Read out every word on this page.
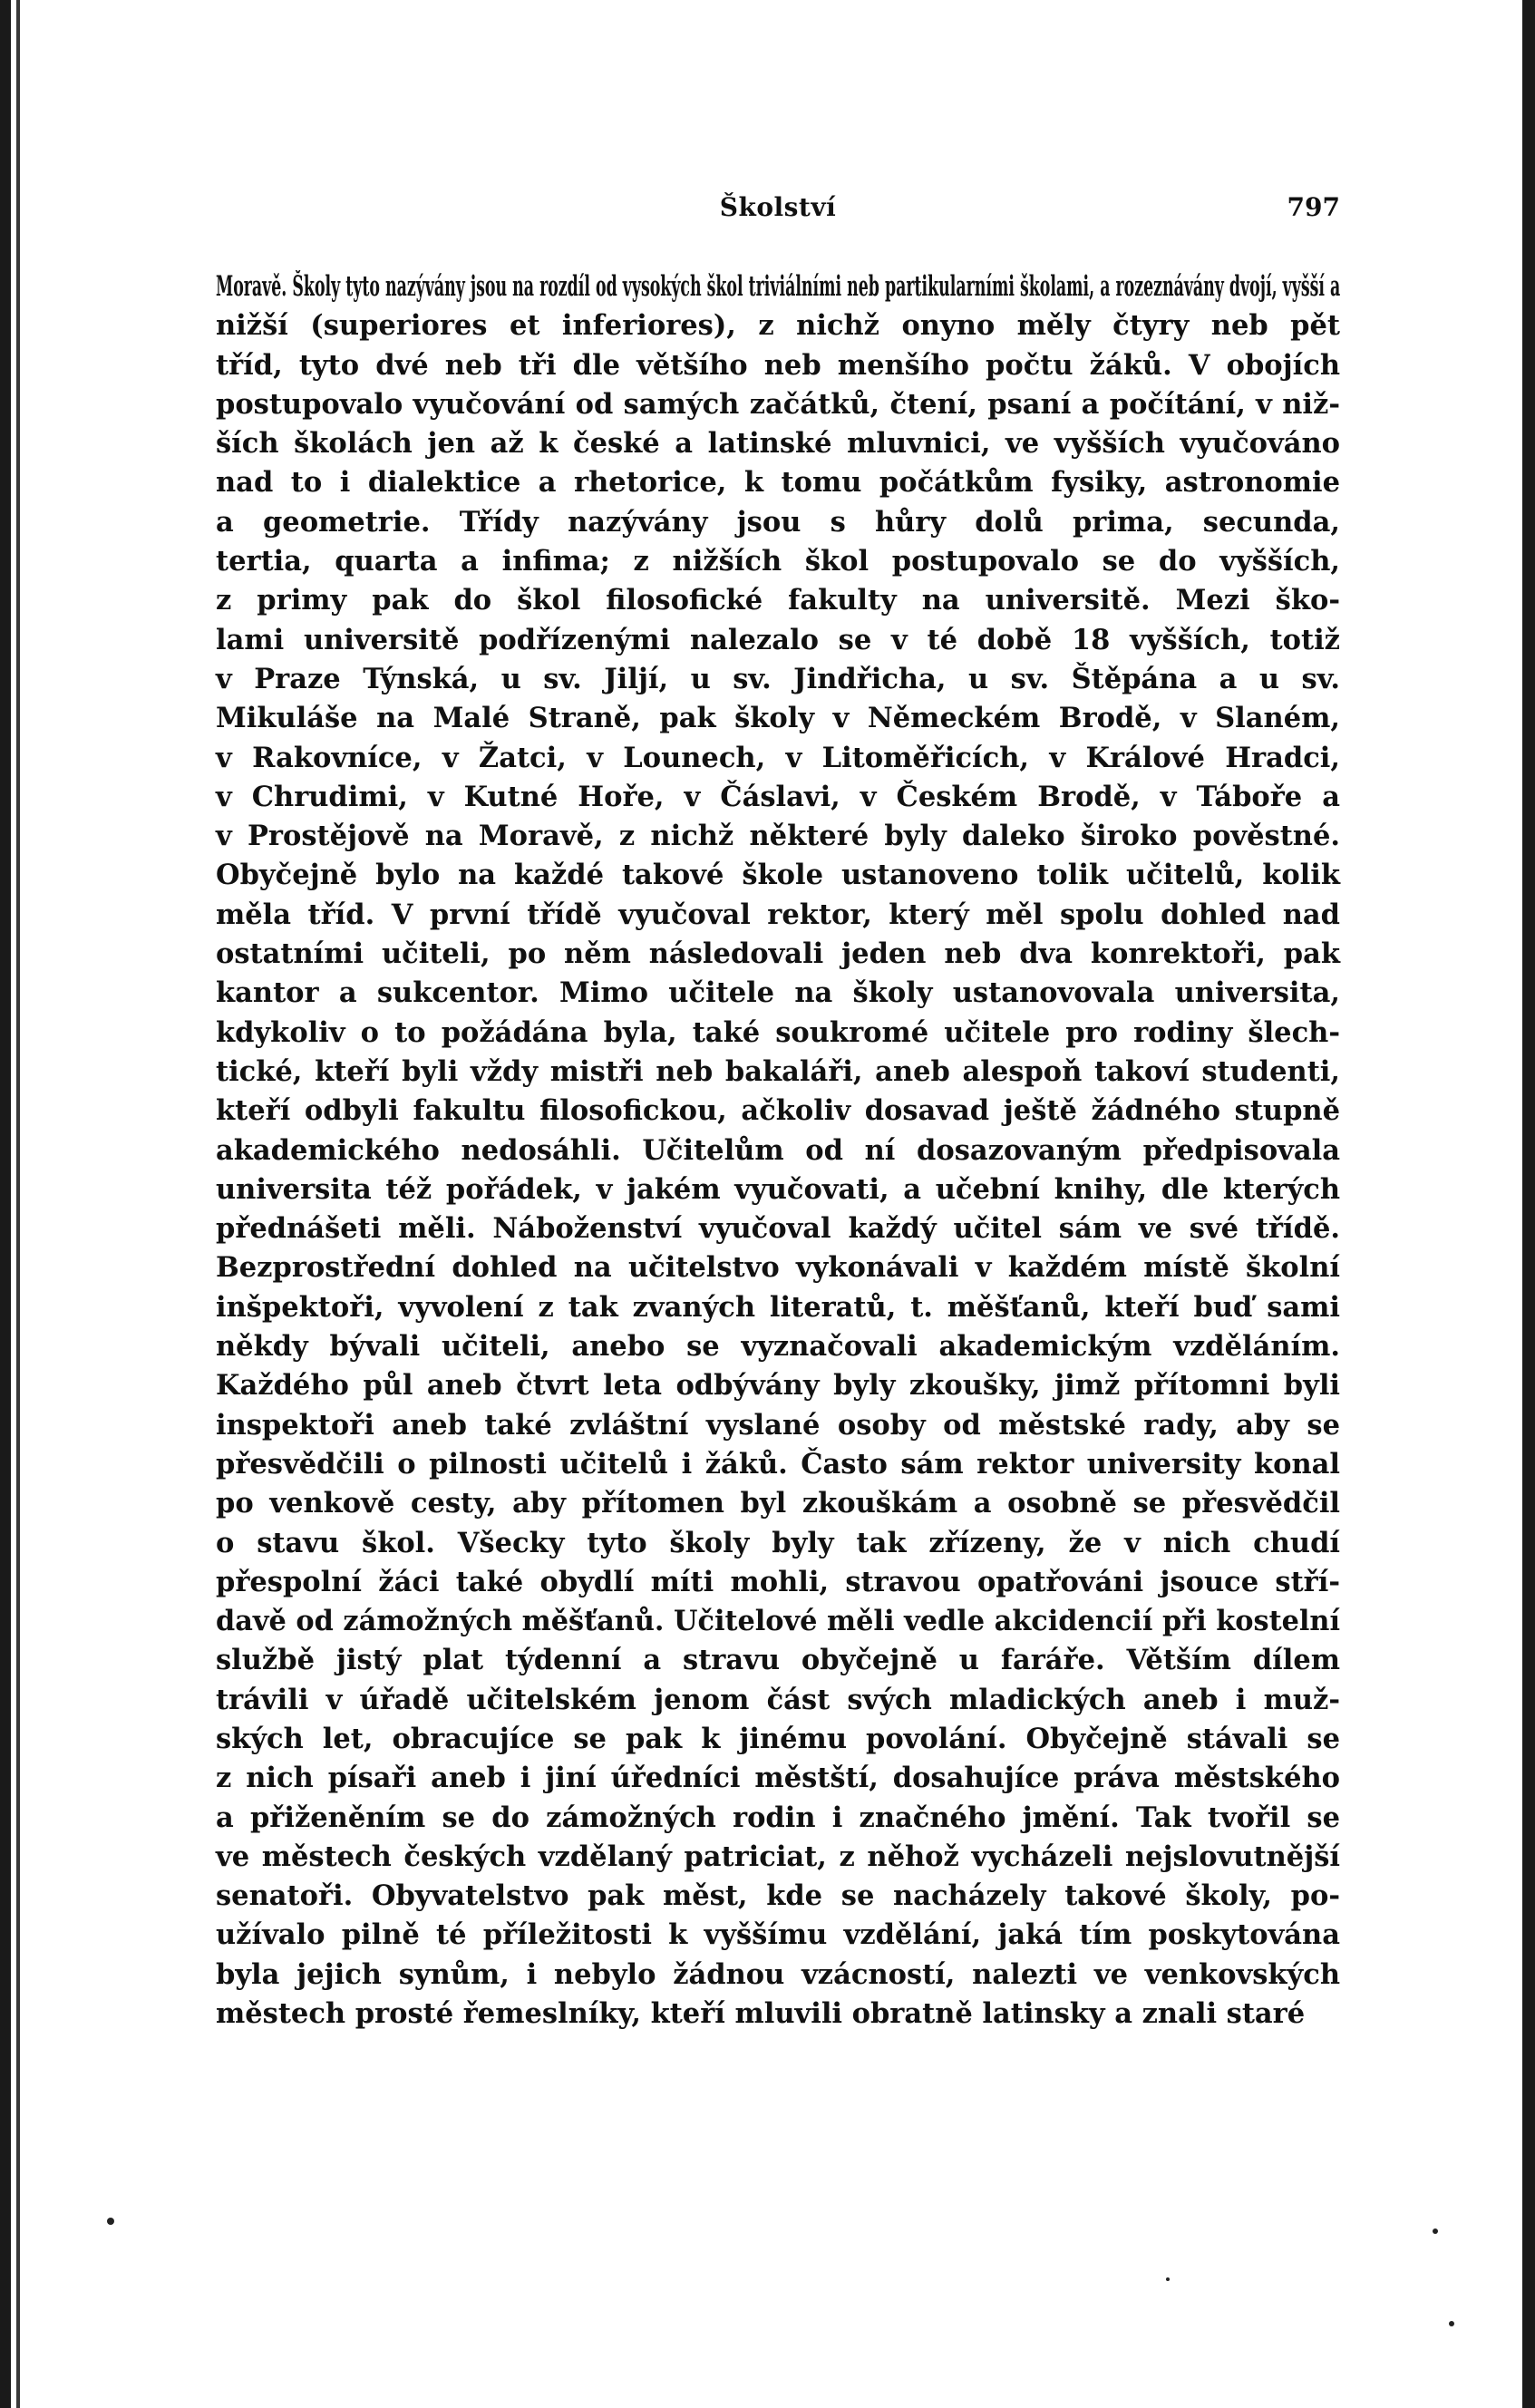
Školství	797
Moravě. Školy tyto nazývány jsou na rozdíl od vysokých škol triviálními neb partikularními školami, a rozeznávány dvojí, vyšší a
nižší (superiores et inferiores), z nichž onyno měly čtyry neb pět
tříd, tyto dvé neb tři dle většího neb menšího počtu žáků. V obojích
postupovalo vyučování od samých začátků, čtení, psaní a počítání, v niž-
ších školách jen až k české a latinské mluvnici, ve vyšších vyučováno
nad to i dialektice a rhetorice, k tomu počátkům fysiky, astronomie
a geometrie. Třídy nazývány jsou s hůry dolů prima, secunda,
tertia, quarta a infima; z nižších škol postupovalo se do vyšších,
z primy pak do škol filosofické fakulty na universitě. Mezi ško-
lami universitě podřízenými nalezalo se v té době 18 vyšších, totiž
v Praze Týnská, u sv. Jiljí, u sv. Jindřicha, u sv. Štěpána a u sv.
Mikuláše na Malé Straně, pak školy v Německém Brodě, v Slaném,
v Rakovníce, v Žatci, v Lounech, v Litoměřicích, v Králové Hradci,
v Chrudimi, v Kutné Hoře, v Čáslavi, v Českém Brodě, v Táboře a
v Prostějově na Moravě, z nichž některé byly daleko široko pověstné.
Obyčejně bylo na každé takové škole ustanoveno tolik učitelů, kolik
měla tříd. V první třídě vyučoval rektor, který měl spolu dohled nad
ostatními učiteli, po něm následovali jeden neb dva konrektoři, pak
kantor a sukcentor. Mimo učitele na školy ustanovovala universita,
kdykoliv o to požádána byla, také soukromé učitele pro rodiny šlech-
tické, kteří byli vždy mistři neb bakaláři, aneb alespoň takoví studenti,
kteří odbyli fakultu filosofickou, ačkoliv dosavad ještě žádného stupně
akademického nedosáhli. Učitelům od ní dosazovaným předpisovala
universita též pořádek, v jakém vyučovati, a učební knihy, dle kterých
přednášeti měli. Náboženství vyučoval každý učitel sám ve své třídě.
Bezprostřední dohled na učitelstvo vykonávali v každém místě školní
inšpektoři, vyvolení z tak zvaných literatů, t. měšťanů, kteří buď sami
někdy bývali učiteli, anebo se vyznačovali akademickým vzděláním.
Každého půl aneb čtvrt leta odbývány byly zkoušky, jimž přítomni byli
inspektoři aneb také zvláštní vyslané osoby od městské rady, aby se
přesvědčili o pilnosti učitelů i žáků. Často sám rektor university konal
po venkově cesty, aby přítomen byl zkouškám a osobně se přesvědčil
o stavu škol. Všecky tyto školy byly tak zřízeny, že v nich chudí
přespolní žáci také obydlí míti mohli, stravou opatřováni jsouce stří-
davě od zámožných měšťanů. Učitelové měli vedle akcidencií při kostelní
službě jistý plat týdenní a stravu obyčejně u faráře. Větším dílem
trávili v úřadě učitelském jenom část svých mladických aneb i muž-
ských let, obracujíce se pak k jinému povolání. Obyčejně stávali se
z nich písaři aneb i jiní úředníci městští, dosahujíce práva městského
a přiženěním se do zámožných rodin i značného jmění. Tak tvořil se
ve městech českých vzdělaný patriciat, z něhož vycházeli nejslovutnější
senatoři. Obyvatelstvo pak měst, kde se nacházely takové školy, po-
užívalo pilně té příležitosti k vyššímu vzdělání, jaká tím poskytována
byla jejich synům, i nebylo žádnou vzácností, nalezti ve venkovských
městech prosté řemeslníky, kteří mluvili obratně latinsky a znali staré
